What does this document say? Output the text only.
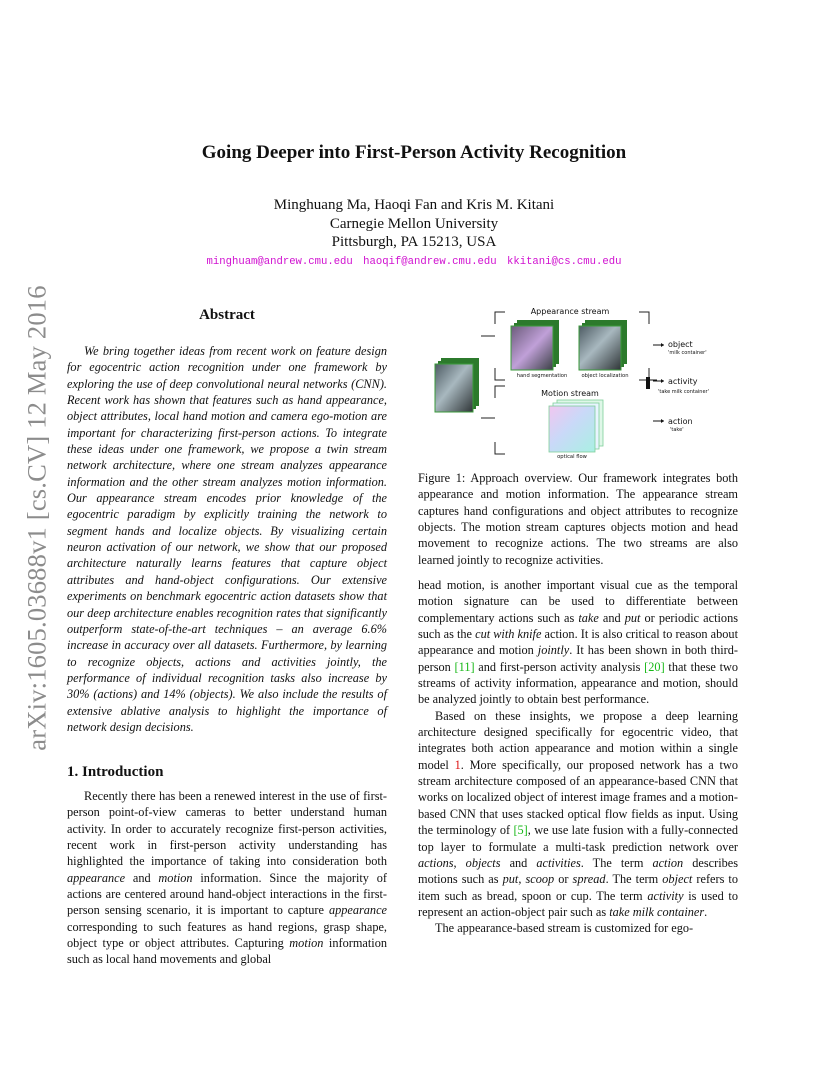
arXiv:1605.03688v1 [cs.CV] 12 May 2016
Going Deeper into First-Person Activity Recognition
Minghuang Ma, Haoqi Fan and Kris M. Kitani
Carnegie Mellon University
Pittsburgh, PA 15213, USA
minghuam@andrew.cmu.edu haoqif@andrew.cmu.edu kkitani@cs.cmu.edu
Abstract

We bring together ideas from recent work on feature design for egocentric action recognition under one framework by exploring the use of deep convolutional neural networks (CNN). Recent work has shown that features such as hand appearance, object attributes, local hand motion and camera ego-motion are important for characterizing first-person actions. To integrate these ideas under one framework, we propose a twin stream network architecture, where one stream analyzes appearance information and the other stream analyzes motion information. Our appearance stream encodes prior knowledge of the egocentric paradigm by explicitly training the network to segment hands and localize objects. By visualizing certain neuron activation of our network, we show that our proposed architecture naturally learns features that capture object attributes and hand-object configurations. Our extensive experiments on benchmark egocentric action datasets show that our deep architecture enables recognition rates that significantly outperform state-of-the-art techniques – an average 6.6% increase in accuracy over all datasets. Furthermore, by learning to recognize objects, actions and activities jointly, the performance of individual recognition tasks also increase by 30% (actions) and 14% (objects). We also include the results of extensive ablative analysis to highlight the importance of network design decisions.

1. Introduction

Recently there has been a renewed interest in the use of first-person point-of-view cameras to better understand human activity. In order to accurately recognize first-person activities, recent work in first-person activity understanding has highlighted the importance of taking into consideration both appearance and motion information. Since the majority of actions are centered around hand-object interactions in the first-person sensing scenario, it is important to capture appearance corresponding to such features as hand regions, grasp shape, object type or object attributes. Capturing motion information such as local hand movements and global

Appearance stream
hand segmentation	object localization
Motion stream
optical flow
object
'milk container'
activity
'take milk container'
action
'take'

Figure 1: Approach overview. Our framework integrates both appearance and motion information. The appearance stream captures hand configurations and object attributes to recognize objects. The motion stream captures objects motion and head movement to recognize actions. The two streams are also learned jointly to recognize activities.

head motion, is another important visual cue as the temporal motion signature can be used to differentiate between complementary actions such as take and put or periodic actions such as the cut with knife action. It is also critical to reason about appearance and motion jointly. It has been shown in both third-person [11] and first-person activity analysis [20] that these two streams of activity information, appearance and motion, should be analyzed jointly to obtain best performance.

Based on these insights, we propose a deep learning architecture designed specifically for egocentric video, that integrates both action appearance and motion within a single model 1. More specifically, our proposed network has a two stream architecture composed of an appearance-based CNN that works on localized object of interest image frames and a motion-based CNN that uses stacked optical flow fields as input. Using the terminology of [5], we use late fusion with a fully-connected top layer to formulate a multi-task prediction network over actions, objects and activities. The term action describes motions such as put, scoop or spread. The term object refers to item such as bread, spoon or cup. The term activity is used to represent an action-object pair such as take milk container.

The appearance-based stream is customized for ego-
